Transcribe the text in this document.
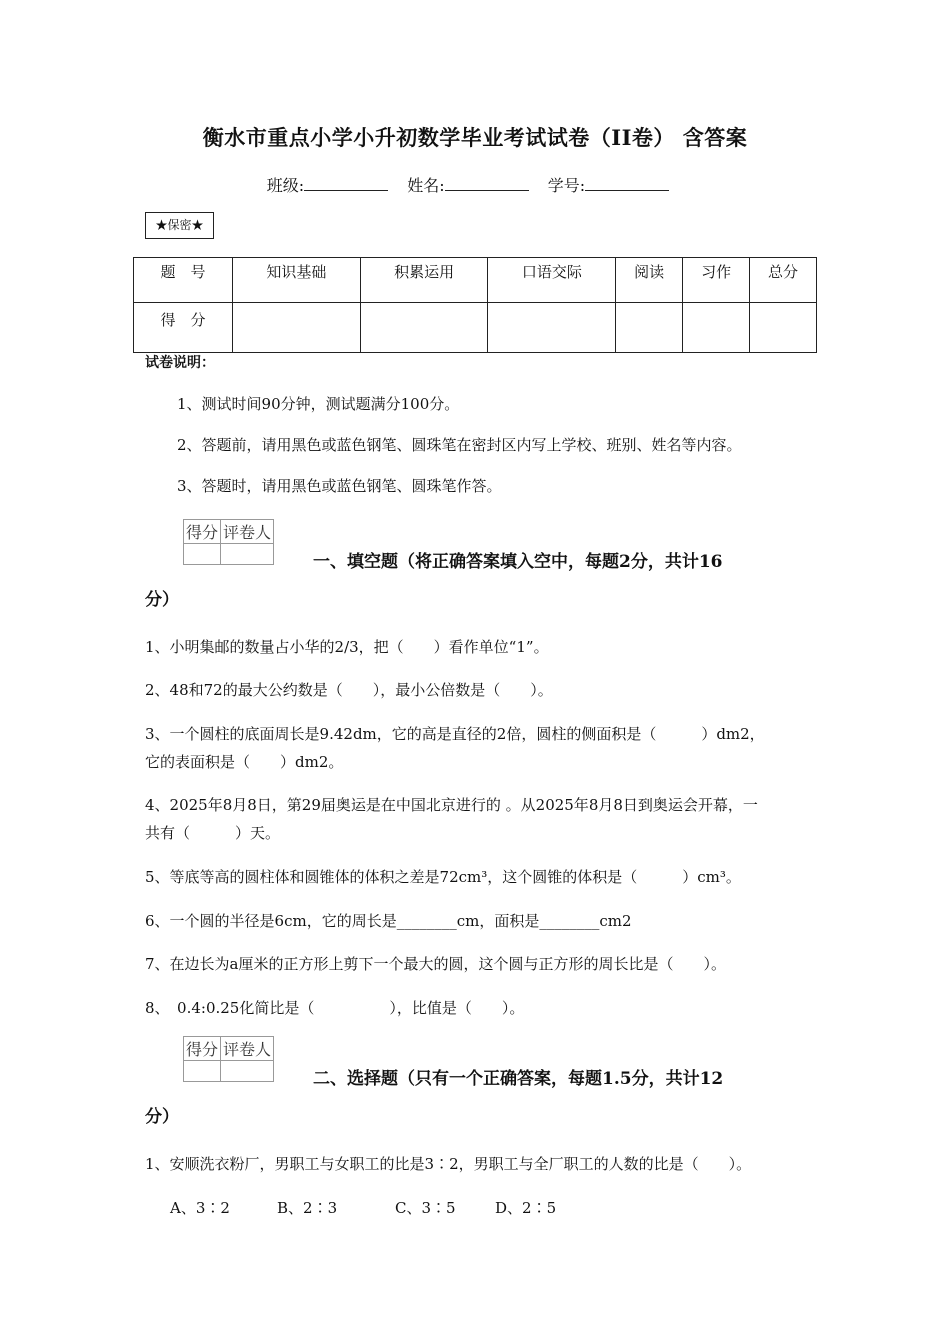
衡水市重点小学小升初数学毕业考试试卷（II卷） 含答案
班级:	姓名:	学号:
★保密★
题　号	知识基础	积累运用	口语交际	阅读	习作	总分
得　分						
试卷说明：
1、测试时间90分钟，测试题满分100分。
2、答题前，请用黑色或蓝色钢笔、圆珠笔在密封区内写上学校、班别、姓名等内容。
3、答题时，请用黑色或蓝色钢笔、圆珠笔作答。
得分	评卷人

一、填空题（将正确答案填入空中，每题2分，共计16
分）
1、小明集邮的数量占小华的2/3，把（　　）看作单位“1”。
2、48和72的最大公约数是（　　），最小公倍数是（　　）。
3、一个圆柱的底面周长是9.42dm，它的高是直径的2倍，圆柱的侧面积是（　　　）dm2，
它的表面积是（　　）dm2。
4、2025年8月8日，第29届奥运是在中国北京进行的 。从2025年8月8日到奥运会开幕，一
共有（　　　）天。
5、等底等高的圆柱体和圆锥体的体积之差是72cm³，这个圆锥的体积是（　　　）cm³。
6、一个圆的半径是6cm，它的周长是________cm，面积是________cm2
7、在边长为a厘米的正方形上剪下一个最大的圆，这个圆与正方形的周长比是（　　）。
8、　0.4:0.25化简比是（　　　　　），比值是（　　）。
得分	评卷人

二、选择题（只有一个正确答案，每题1.5分，共计12
分）
1、安顺洗衣粉厂，男职工与女职工的比是3∶2，男职工与全厂职工的人数的比是（　　）。
A、3∶2	B、2∶3	C、3∶5	D、2∶5
